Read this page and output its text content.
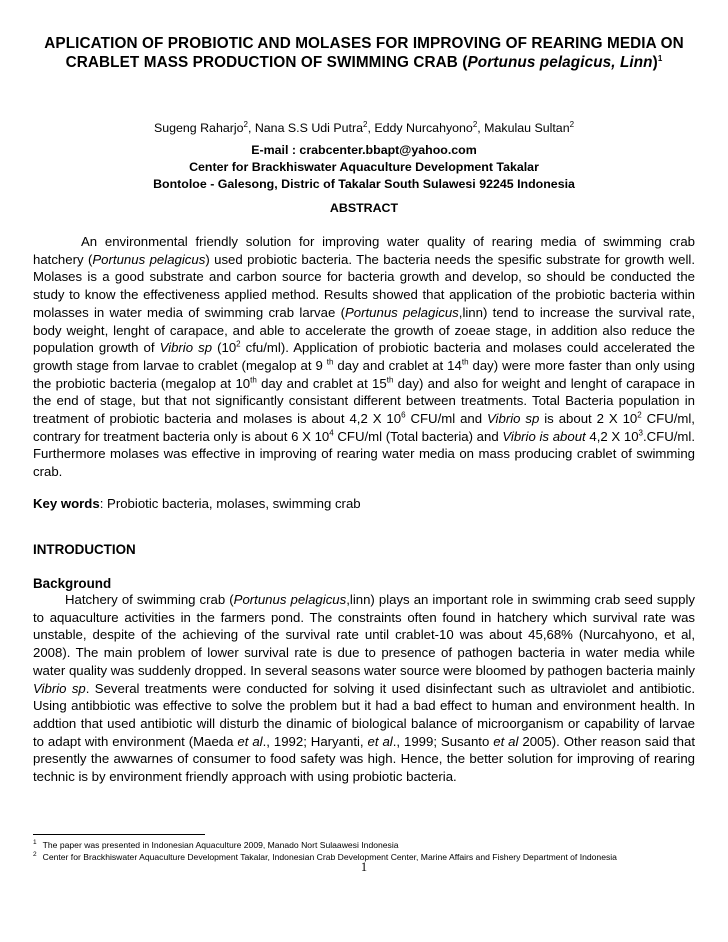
APLICATION OF PROBIOTIC AND MOLASES FOR IMPROVING OF REARING MEDIA ON CRABLET MASS PRODUCTION OF SWIMMING CRAB (Portunus pelagicus, Linn)$^1$
Sugeng Raharjo$^2$, Nana S.S Udi Putra$^2$, Eddy Nurcahyono$^2$, Makulau Sultan$^2$
E-mail : crabcenter.bbapt@yahoo.com
Center for Brackhiswater Aquaculture Development Takalar
Bontoloe - Galesong, Distric of Takalar South Sulawesi 92245 Indonesia
ABSTRACT
An environmental friendly solution for improving water quality of rearing media of swimming crab hatchery (Portunus pelagicus) used probiotic bacteria. The bacteria needs the spesific substrate for growth well. Molases is a good substrate and carbon source for bacteria growth and develop, so should be conducted the study to know the effectiveness applied method. Results showed that application of the probiotic bacteria within molasses in water media of swimming crab larvae (Portunus pelagicus,linn) tend to increase the survival rate, body weight, lenght of carapace, and able to accelerate the growth of zoeae stage, in addition also reduce the population growth of Vibrio sp ($10^2$ cfu/ml). Application of probiotic bacteria and molases could accelerated the growth stage from larvae to crablet (megalop at 9 $^{th}$ day and crablet at 14th day) were more faster than only using the probiotic bacteria (megalop at 10th day and crablet at 15th day) and also for weight and lenght of carapace in the end of stage, but that not significantly consistant different between treatments. Total Bacteria population in treatment of probiotic bacteria and molases is about 4,2 X $10^6$ CFU/ml and Vibrio sp is about 2 X $10^2$ CFU/ml, contrary for treatment bacteria only is about 6 X $10^4$ CFU/ml (Total bacteria) and Vibrio is about 4,2 X $10^3.CFU/ml$. Furthermore molases was effective in improving of rearing water media on mass producing crablet of swimming crab.
Key words: Probiotic bacteria, molases, swimming crab
INTRODUCTION
Background
Hatchery of swimming crab (Portunus pelagicus,linn) plays an important role in swimming crab seed supply to aquaculture activities in the farmers pond. The constraints often found in hatchery which survival rate was unstable, despite of the achieving of the survival rate until crablet-10 was about 45,68% (Nurcahyono, et al, 2008). The main problem of lower survival rate is due to presence of pathogen bacteria in water media while water quality was suddenly dropped. In several seasons water source were bloomed by pathogen bacteria mainly Vibrio sp. Several treatments were conducted for solving it used disinfectant such as ultraviolet and antibiotic. Using antibbiotic was effective to solve the problem but it had a bad effect to human and environment health. In addtion that used antibiotic will disturb the dinamic of biological balance of microorganism or capability of larvae to adapt with environment (Maeda et al., 1992; Haryanti, et al., 1999; Susanto et al 2005). Other reason said that presently the awwarnes of consumer to food safety was high. Hence, the better solution for improving of rearing technic is by environment friendly approach with using probiotic bacteria.
$^1$ The paper was presented in Indonesian Aquaculture 2009, Manado Nort Sulaawesi Indonesia
$^2$ Center for Brackhiswater Aquaculture Development Takalar, Indonesian Crab Development Center, Marine Affairs and Fishery Department of Indonesia
1
